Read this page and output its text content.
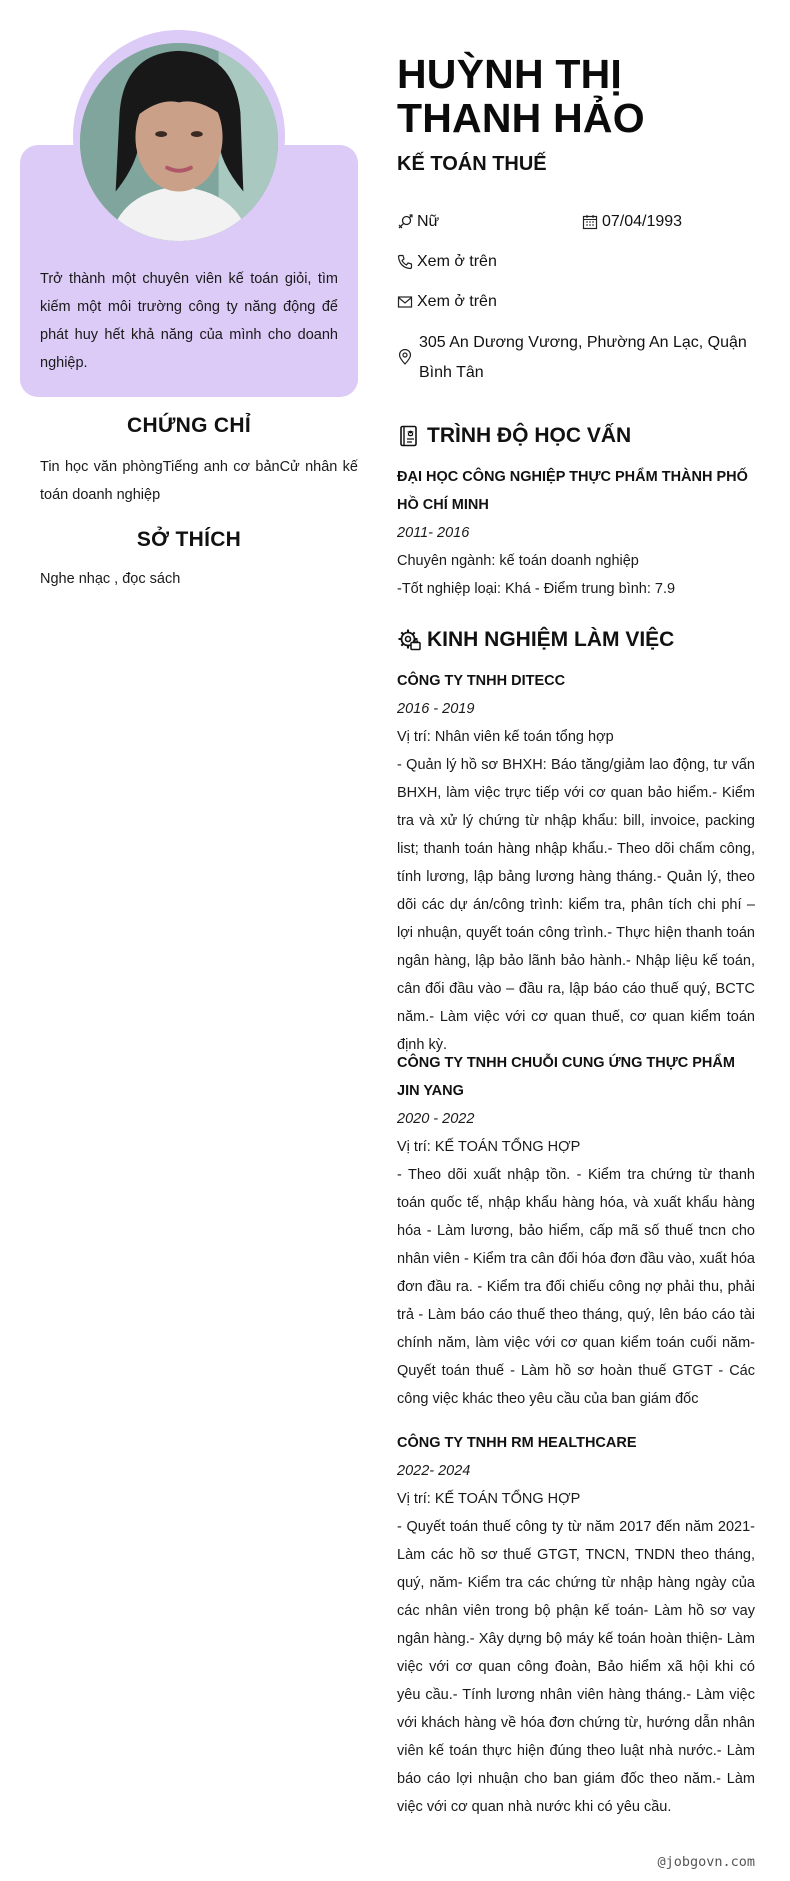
Trở thành một chuyên viên kế toán giỏi, tìm kiếm một môi trường công ty năng động để phát huy hết khả năng của mình cho doanh nghiệp.
CHỨNG CHỈ
Tin học văn phòngTiếng anh cơ bảnCử nhân kế toán doanh nghiệp
SỞ THÍCH
Nghe nhạc , đọc sách
HUỲNH THỊ THANH HẢO
KẾ TOÁN THUẾ
Nữ	07/04/1993
Xem ở trên
Xem ở trên
305 An Dương Vương, Phường An Lạc, Quận Bình Tân
TRÌNH ĐỘ HỌC VẤN
ĐẠI HỌC CÔNG NGHIỆP THỰC PHẨM THÀNH PHỐ HỒ CHÍ MINH
2011- 2016
Chuyên ngành: kế toán doanh nghiệp
-Tốt nghiệp loại: Khá - Điểm trung bình: 7.9
KINH NGHIỆM LÀM VIỆC
CÔNG TY TNHH DITECC
2016 - 2019
Vị trí: Nhân viên kế toán tổng hợp
- Quản lý hồ sơ BHXH: Báo tăng/giảm lao động, tư vấn BHXH, làm việc trực tiếp với cơ quan bảo hiểm.- Kiểm tra và xử lý chứng từ nhập khẩu: bill, invoice, packing list; thanh toán hàng nhập khẩu.- Theo dõi chấm công, tính lương, lập bảng lương hàng tháng.- Quản lý, theo dõi các dự án/công trình: kiểm tra, phân tích chi phí – lợi nhuận, quyết toán công trình.- Thực hiện thanh toán ngân hàng, lập bảo lãnh bảo hành.- Nhập liệu kế toán, cân đối đầu vào – đầu ra, lập báo cáo thuế quý, BCTC năm.- Làm việc với cơ quan thuế, cơ quan kiểm toán định kỳ.
CÔNG TY TNHH CHUỖI CUNG ỨNG THỰC PHẨM JIN YANG
2020 - 2022
Vị trí: KẾ TOÁN TỔNG HỢP
- Theo dõi xuất nhập tồn. - Kiểm tra chứng từ thanh toán quốc tế, nhập khẩu hàng hóa, và xuất khẩu hàng hóa - Làm lương, bảo hiểm, cấp mã số thuế tncn cho nhân viên - Kiểm tra cân đối hóa đơn đầu vào, xuất hóa đơn đầu ra. - Kiểm tra đối chiếu công nợ phải thu, phải trả - Làm báo cáo thuế theo tháng, quý, lên báo cáo tài chính năm, làm việc với cơ quan kiểm toán cuối năm- Quyết toán thuế - Làm hồ sơ hoàn thuế GTGT - Các công việc khác theo yêu cầu của ban giám đốc
CÔNG TY TNHH RM HEALTHCARE
2022- 2024
Vị trí: KẾ TOÁN TỔNG HỢP
- Quyết toán thuế công ty từ năm 2017 đến năm 2021- Làm các hồ sơ thuế GTGT, TNCN, TNDN theo tháng, quý, năm- Kiểm tra các chứng từ nhập hàng ngày của các nhân viên trong bộ phận kế toán- Làm hồ sơ vay ngân hàng.- Xây dựng bộ máy kế toán hoàn thiện- Làm việc với cơ quan công đoàn, Bảo hiểm xã hội khi có yêu cầu.- Tính lương nhân viên hàng tháng.- Làm việc với khách hàng về hóa đơn chứng từ, hướng dẫn nhân viên kế toán thực hiện đúng theo luật nhà nước.- Làm báo cáo lợi nhuận cho ban giám đốc theo năm.- Làm việc với cơ quan nhà nước khi có yêu cầu.
@jobgovn.com
